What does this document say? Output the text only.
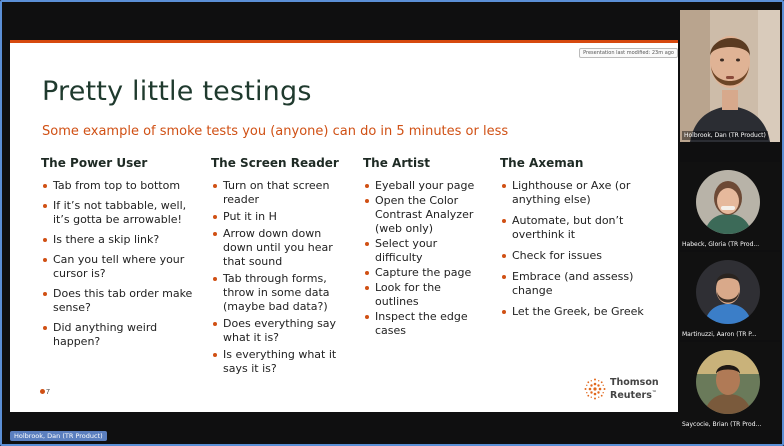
Presentation last modified: 23m ago
Pretty little testings
Some example of smoke tests you (anyone) can do in 5 minutes or less
The Power User
Tab from top to bottom
If it’s not tabbable, well, it’s gotta be arrowable!
Is there a skip link?
Can you tell where your cursor is?
Does this tab order make sense?
Did anything weird happen?
The Screen Reader
Turn on that screen reader
Put it in H
Arrow down down down until you hear that sound
Tab through forms, throw in some data (maybe bad data?)
Does everything say what it is?
Is everything what it says it is?
The Artist
Eyeball your page
Open the Color Contrast Analyzer (web only)
Select your difficulty
Capture the page
Look for the outlines
Inspect the edge cases
The Axeman
Lighthouse or Axe (or anything else)
Automate, but don’t overthink it
Check for issues
Embrace (and assess) change
Let the Greek, be Greek
7
Thomson
Reuters™
Holbrook, Dan (TR Product)
Habeck, Gloria (TR Prod...
Martinuzzi, Aaron (TR P...
Saycocie, Brian (TR Prod...
Holbrook, Dan (TR Product)
